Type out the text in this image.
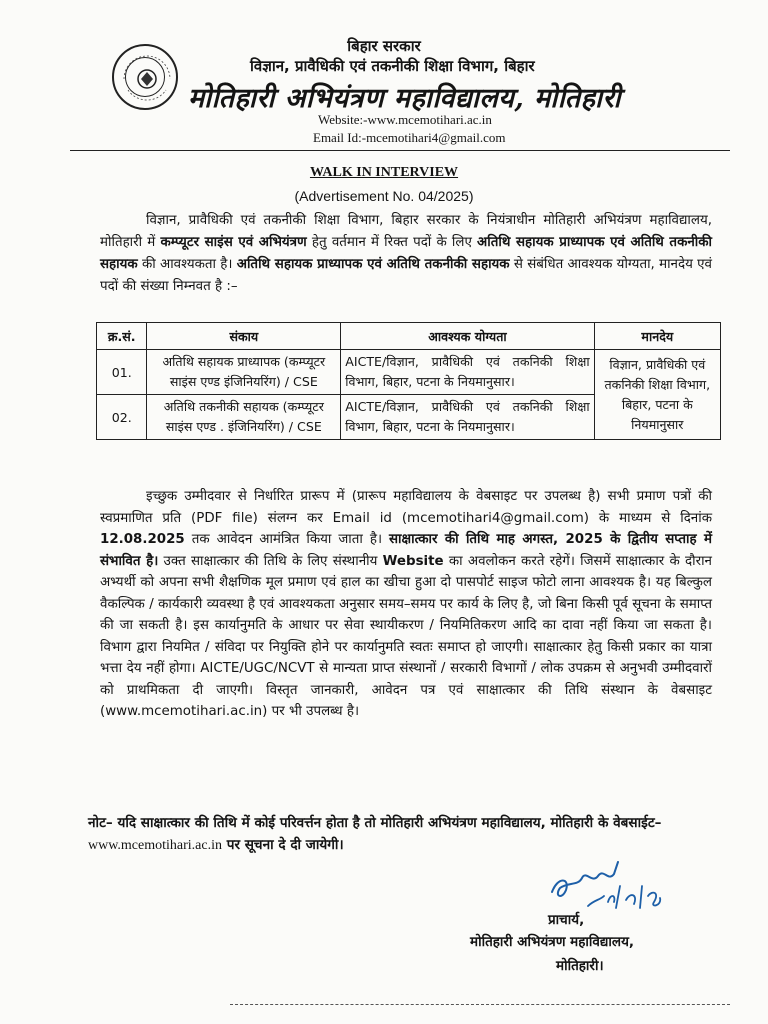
बिहार सरकार
विज्ञान, प्रावैधिकी एवं तकनीकी शिक्षा विभाग, बिहार
मोतिहारी अभियंत्रण महाविद्यालय, मोतिहारी
Website:-www.mcemotihari.ac.in
Email Id:-mcemotihari4@gmail.com
WALK IN INTERVIEW
(Advertisement No. 04/2025)
विज्ञान, प्रावैधिकी एवं तकनीकी शिक्षा विभाग, बिहार सरकार के नियंत्राधीन मोतिहारी अभियंत्रण महाविद्यालय, मोतिहारी में कम्प्यूटर साइंस एवं अभियंत्रण हेतु वर्तमान में रिक्त पदों के लिए अतिथि सहायक प्राध्यापक एवं अतिथि तकनीकी सहायक की आवश्यकता है। अतिथि सहायक प्राध्यापक एवं अतिथि तकनीकी सहायक से संबंधित आवश्यक योग्यता, मानदेय एवं पदों की संख्या निम्नवत है :–
क्र.सं.	संकाय	आवश्यक योग्यता	मानदेय
01.	अतिथि सहायक प्राध्यापक (कम्प्यूटर साइंस एण्ड इंजिनियरिंग) / CSE	AICTE/विज्ञान, प्रावैधिकी एवं तकनिकी शिक्षा विभाग, बिहार, पटना के नियमानुसार।	विज्ञान, प्रावैधिकी एवं तकनिकी शिक्षा विभाग, बिहार, पटना के नियमानुसार
02.	अतिथि तकनीकी सहायक (कम्प्यूटर साइंस एण्ड . इंजिनियरिंग) / CSE	AICTE/विज्ञान, प्रावैधिकी एवं तकनिकी शिक्षा विभाग, बिहार, पटना के नियमानुसार।	
इच्छुक उम्मीदवार से निर्धारित प्रारूप में (प्रारूप महाविद्यालय के वेबसाइट पर उपलब्ध है) सभी प्रमाण पत्रों की स्वप्रमाणित प्रति (PDF file) संलग्न कर Email id (mcemotihari4@gmail.com) के माध्यम से दिनांक 12.08.2025 तक आवेदन आमंत्रित किया जाता है। साक्षात्कार की तिथि माह अगस्त, 2025 के द्वितीय सप्ताह में संभावित है। उक्त साक्षात्कार की तिथि के लिए संस्थानीय Website का अवलोकन करते रहेगें। जिसमें साक्षात्कार के दौरान अभ्यर्थी को अपना सभी शैक्षणिक मूल प्रमाण एवं हाल का खीचा हुआ दो पासपोर्ट साइज फोटो लाना आवश्यक है। यह बिल्कुल वैकल्पिक / कार्यकारी व्यवस्था है एवं आवश्यकता अनुसार समय–समय पर कार्य के लिए है, जो बिना किसी पूर्व सूचना के समाप्त की जा सकती है। इस कार्यानुमति के आधार पर सेवा स्थायीकरण / नियमितिकरण आदि का दावा नहीं किया जा सकता है। विभाग द्वारा नियमित / संविदा पर नियुक्ति होने पर कार्यानुमति स्वतः समाप्त हो जाएगी। साक्षात्कार हेतु किसी प्रकार का यात्रा भत्ता देय नहीं होगा। AICTE/UGC/NCVT से मान्यता प्राप्त संस्थानों / सरकारी विभागों / लोक उपक्रम से अनुभवी उम्मीदवारों को प्राथमिकता दी जाएगी। विस्तृत जानकारी, आवेदन पत्र एवं साक्षात्कार की तिथि संस्थान के वेबसाइट (www.mcemotihari.ac.in) पर भी उपलब्ध है।
नोट– यदि साक्षात्कार की तिथि में कोई परिवर्त्तन होता है तो मोतिहारी अभियंत्रण महाविद्यालय, मोतिहारी के वेबसाईट– www.mcemotihari.ac.in पर सूचना दे दी जायेगी।
प्राचार्य,
मोतिहारी अभियंत्रण महाविद्यालय,
मोतिहारी।
